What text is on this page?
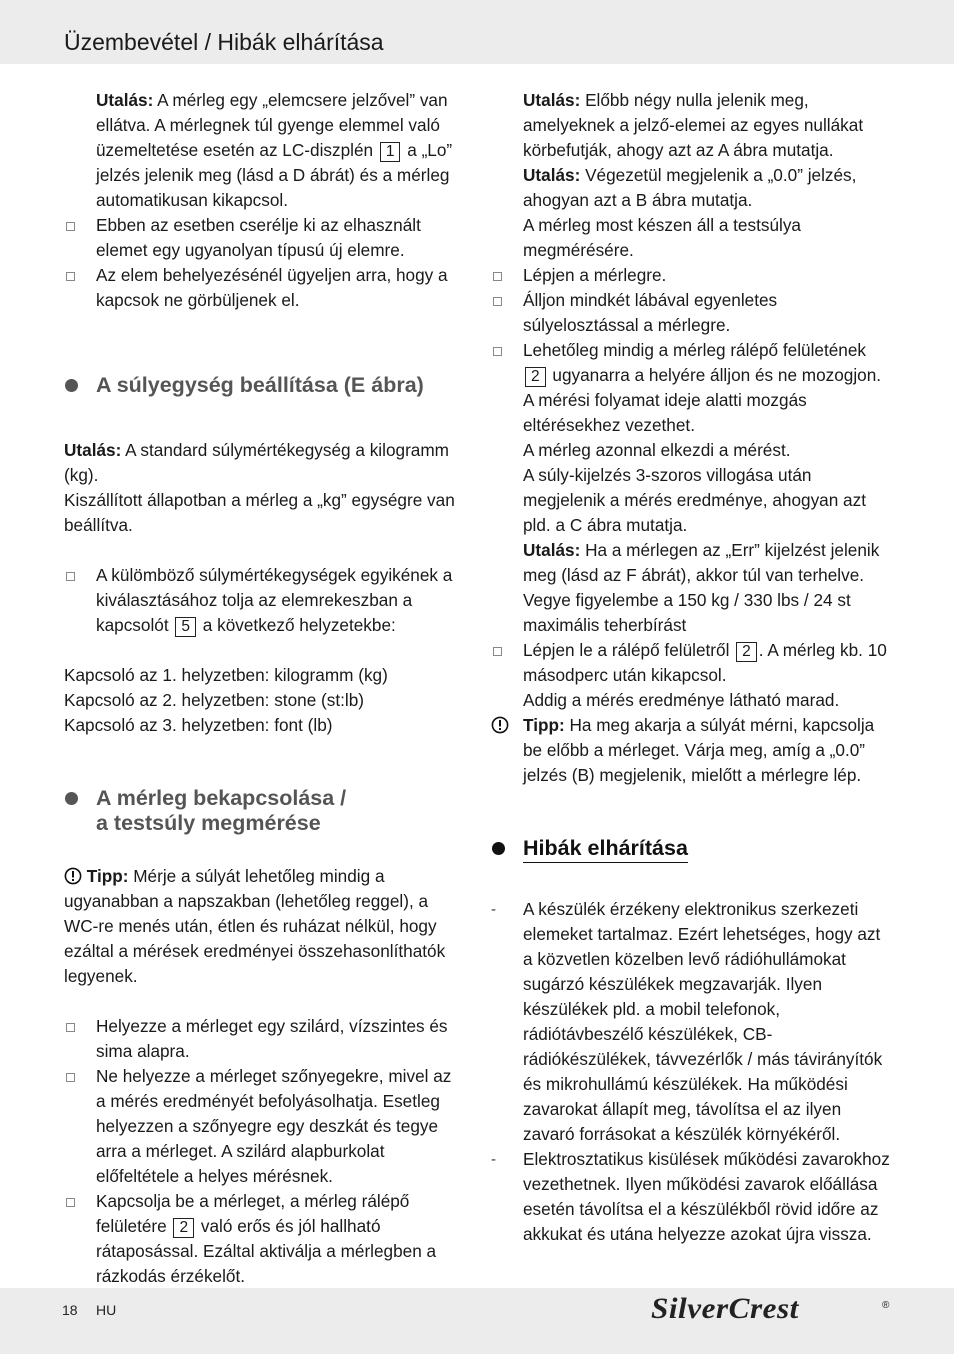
Üzembevétel / Hibák elhárítása

Utalás: A mérleg egy „elemcsere jelzővel” van ellátva. A mérlegnek túl gyenge elemmel való üzemeltetése esetén az LC-diszplén 1 a „Lo” jelzés jelenik meg (lásd a D ábrát) és a mérleg automatikusan kikapcsol.

Ebben az esetben cserélje ki az elhasznált elemet egy ugyanolyan típusú új elemre.

Az elem behelyezésénél ügyeljen arra, hogy a kapcsok ne görbüljenek el.

A súlyegység beállítása (E ábra)

Utalás: A standard súlymértékegység a kilogramm (kg).

Kiszállított állapotban a mérleg a „kg” egységre van beállítva.

A külömböző súlymértékegységek egyikének a kiválasztásához tolja az elemrekeszban a kapcsolót 5 a következő helyzetekbe:

Kapcsoló az 1. helyzetben: kilogramm (kg)

Kapcsoló az 2. helyzetben: stone (st:lb)

Kapcsoló az 3. helyzetben: font (lb)

A mérleg bekapcsolása /
a testsúly megmérése

Tipp: Mérje a súlyát lehetőleg mindig a ugyanabban a napszakban (lehetőleg reggel), a WC-re menés után, étlen és ruházat nélkül, hogy ezáltal a mérések eredményei összehasonlíthatók legyenek.

Helyezze a mérleget egy szilárd, vízszintes és sima alapra.

Ne helyezze a mérleget szőnyegekre, mivel az a mérés eredményét befolyásolhatja. Esetleg helyezzen a szőnyegre egy deszkát és tegye arra a mérleget. A szilárd alapburkolat előfeltétele a helyes mérésnek.

Kapcsolja be a mérleget, a mérleg rálépő felületére 2 való erős és jól hallható rátaposással. Ezáltal aktiválja a mérlegben a rázkodás érzékelőt.

Utalás: Előbb négy nulla jelenik meg, amelyeknek a jelző-elemei az egyes nullákat körbefutják, ahogy azt az A ábra mutatja.

Utalás: Végezetül megjelenik a „0.0” jelzés, ahogyan azt a B ábra mutatja.

A mérleg most készen áll a testsúlya megmérésére.

Lépjen a mérlegre.

Álljon mindkét lábával egyenletes súlyelosztással a mérlegre.

Lehetőleg mindig a mérleg rálépő felületének 2 ugyanarra a helyére álljon és ne mozogjon. A mérési folyamat ideje alatti mozgás eltérésekhez vezethet.

A mérleg azonnal elkezdi a mérést.

A súly-kijelzés 3-szoros villogása után megjelenik a mérés eredménye, ahogyan azt pld. a C ábra mutatja.

Utalás: Ha a mérlegen az „Err” kijelzést jelenik meg (lásd az F ábrát), akkor túl van terhelve. Vegye figyelembe a 150 kg / 330 lbs / 24 st maximális teherbírást

Lépjen le a rálépő felületről 2 . A mérleg kb. 10 másodperc után kikapcsol.

Addig a mérés eredménye látható marad.

Tipp: Ha meg akarja a súlyát mérni, kapcsolja be előbb a mérleget. Várja meg, amíg a „0.0” jelzés (B) megjelenik, mielőtt a mérlegre lép.

Hibák elhárítása

-	A készülék érzékeny elektronikus szerkezeti elemeket tartalmaz. Ezért lehetséges, hogy azt a közvetlen közelben levő rádióhullámokat sugárzó készülékek megzavarják. Ilyen készülékek pld. a mobil telefonok, rádiótávbeszélő készülékek, CB-rádiókészülékek, távvezérlők / más távirányítók és mikrohullámú készülékek. Ha működési zavarokat állapít meg, távolítsa el az ilyen zavaró forrásokat a készülék környékéről.

-	Elektrosztatikus kisülések működési zavarokhoz vezethetnek. Ilyen működési zavarok előállása esetén távolítsa el a készülékből rövid időre az akkukat és utána helyezze azokat újra vissza.

18 HU	SilverCrest	®
